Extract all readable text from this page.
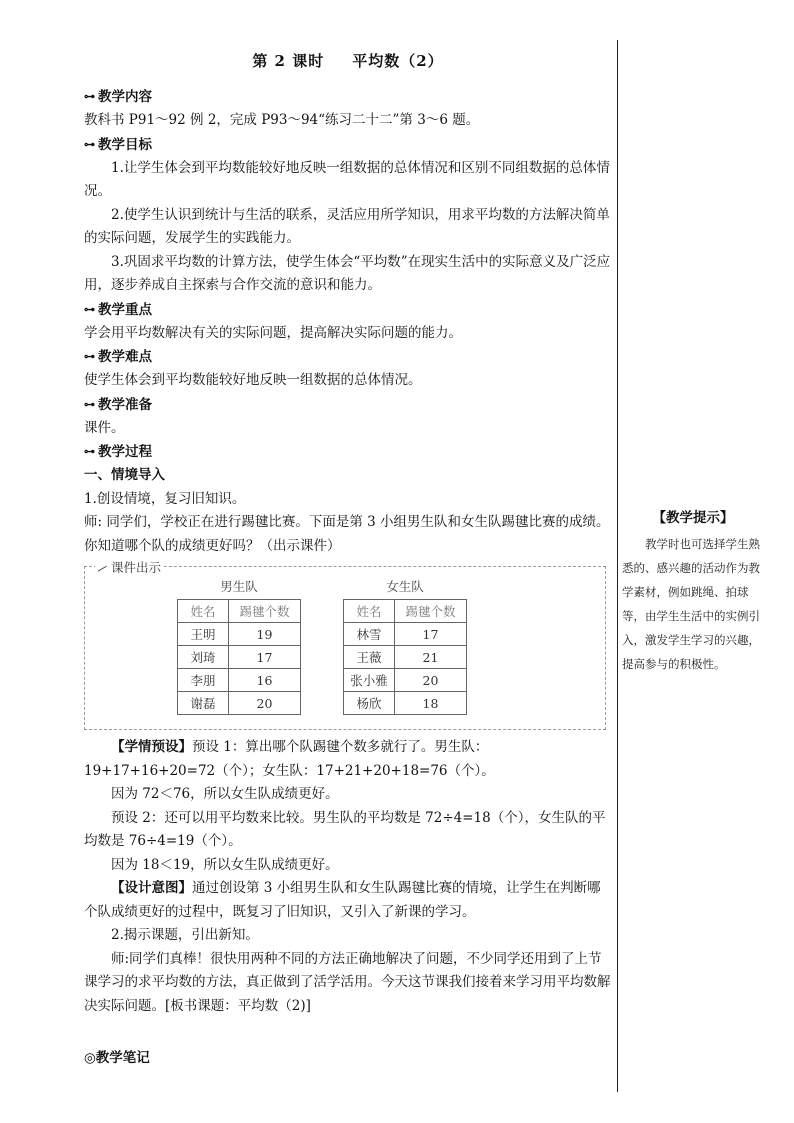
第 2 课时 平均数（2）

⊶ 教学内容

教科书 P91～92 例 2，完成 P93～94“练习二十二”第 3～6 题。

⊶ 教学目标

1.让学生体会到平均数能较好地反映一组数据的总体情况和区别不同组数据的总体情况。

2.使学生认识到统计与生活的联系，灵活应用所学知识，用求平均数的方法解决简单的实际问题，发展学生的实践能力。

3.巩固求平均数的计算方法，使学生体会“平均数”在现实生活中的实际意义及广泛应用，逐步养成自主探索与合作交流的意识和能力。

⊶ 教学重点

学会用平均数解决有关的实际问题，提高解决实际问题的能力。

⊶ 教学难点

使学生体会到平均数能较好地反映一组数据的总体情况。

⊶ 教学准备

课件。

⊶ 教学过程

一、情境导入

1.创设情境，复习旧知识。

师: 同学们，学校正在进行踢毽比赛。下面是第 3 小组男生队和女生队踢毽比赛的成绩。你知道哪个队的成绩更好吗？（出示课件）

课件出示
男生队
姓名	踢毽个数
王明	19
刘琦	17
李朋	16
谢磊	20
女生队
姓名	踢毽个数
林雪	17
王薇	21
张小雅	20
杨欣	18

【学情预设】预设 1：算出哪个队踢毽个数多就行了。男生队：19+17+16+20=72（个）；女生队：17+21+20+18=76（个）。

因为 72＜76，所以女生队成绩更好。

预设 2：还可以用平均数来比较。男生队的平均数是 72÷4=18（个），女生队的平均数是 76÷4=19（个）。

因为 18＜19，所以女生队成绩更好。

【设计意图】通过创设第 3 小组男生队和女生队踢毽比赛的情境，让学生在判断哪个队成绩更好的过程中，既复习了旧知识，又引入了新课的学习。

2.揭示课题，引出新知。

师:同学们真棒！很快用两种不同的方法正确地解决了问题，不少同学还用到了上节课学习的求平均数的方法，真正做到了活学活用。今天这节课我们接着来学习用平均数解决实际问题。[板书课题：平均数（2)]

【教学提示】
教学时也可选择学生熟悉的、感兴趣的活动作为教学素材，例如跳绳、拍球等，由学生生活中的实例引入，激发学生学习的兴趣，提高参与的积极性。
◎教学笔记
